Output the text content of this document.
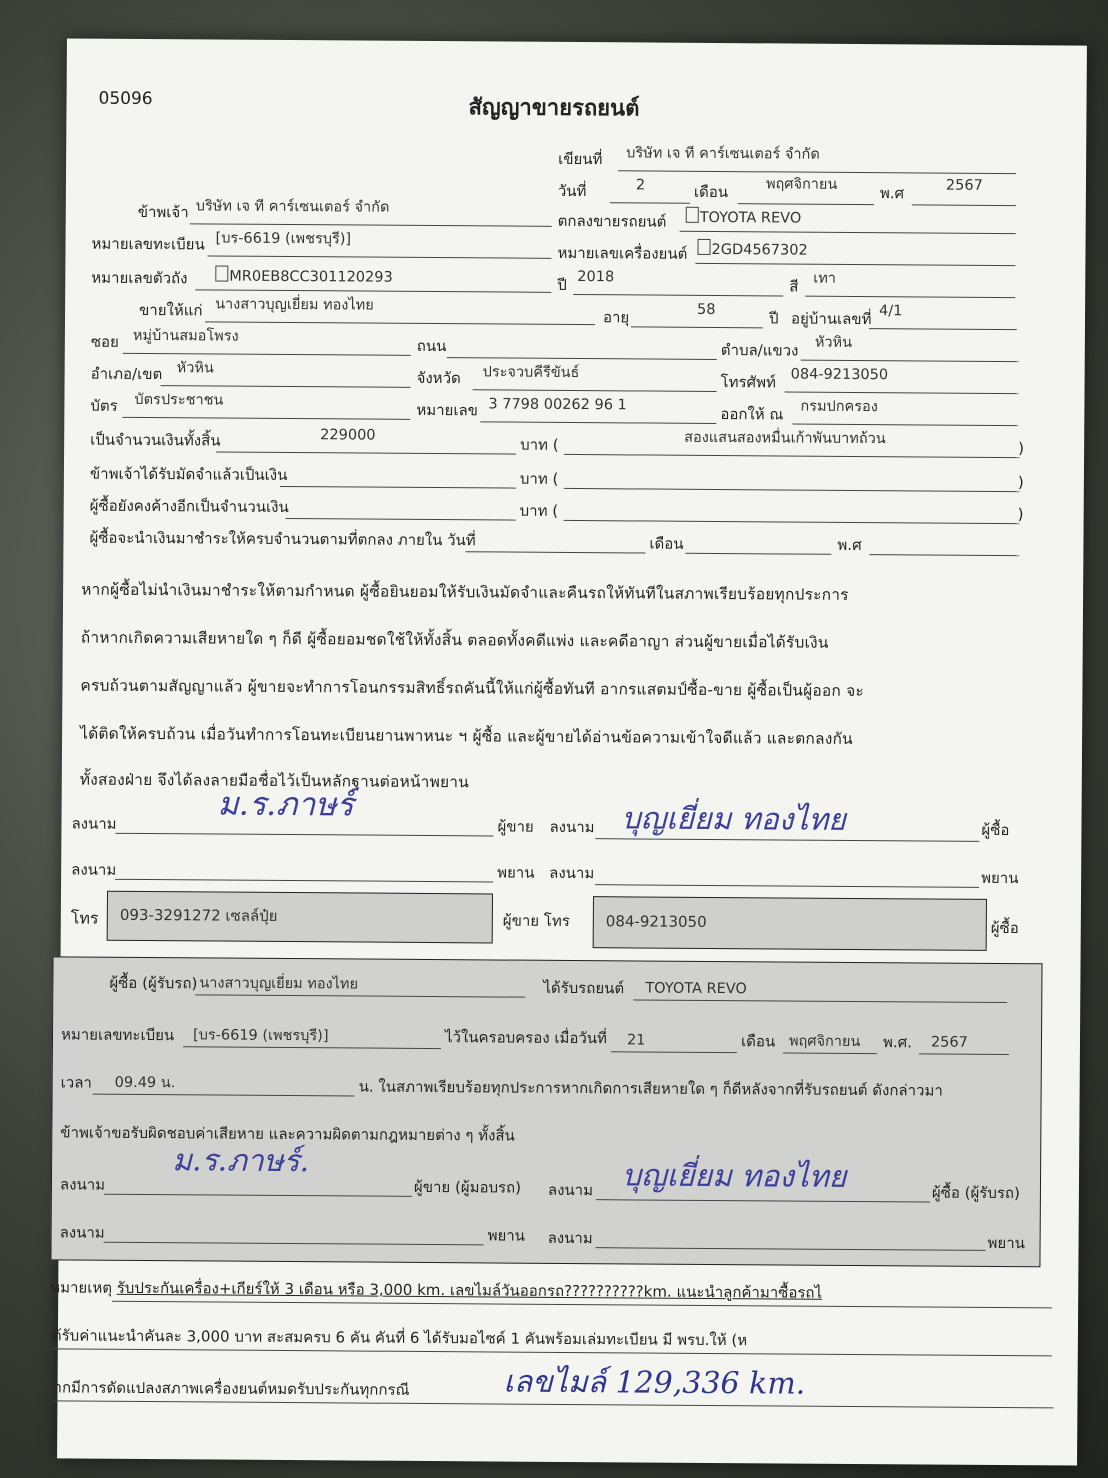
05096	สัญญาขายรถยนต์
เขียนที่ บริษัท เจ ที คาร์เซนเตอร์ จำกัด
วันที่	2	เดือน	พฤศจิกายน	พ.ศ	2567
ข้าพเจ้า บริษัท เจ ที คาร์เซนเตอร์ จำกัด
ตกลงขายรถยนต์	TOYOTA REVO
หมายเลขทะเบียน [บร-6619 (เพชรบุรี)]
หมายเลขเครื่องยนต์	2GD4567302
หมายเลขตัวถัง	MR0EB8CC301120293	ปี 2018
สี เทา
ขายให้แก่ นางสาวบุญเยี่ยม ทองไทย
อายุ	58	ปี อยู่บ้านเลขที่ 4/1
ซอย หมู่บ้านสมอโพรง
ถนน	ตำบล/แขวง หัวหิน
อำเภอ/เขต หัวหิน
จังหวัด ประจวบคีรีขันธ์
โทรศัพท์ 084-9213050
บัตร บัตรประชาชน
หมายเลข 3 7798 00262 96 1
ออกให้ ณ กรมปกครอง
เป็นจำนวนเงินทั้งสิ้น	229000
บาท (	สองแสนสองหมื่นเก้าพันบาทถ้วน
)
ข้าพเจ้าได้รับมัดจำแล้วเป็นเงิน	บาท (	)
ผู้ซื้อยังคงค้างอีกเป็นจำนวนเงิน	บาท (	)
ผู้ซื้อจะนำเงินมาชำระให้ครบจำนวนตามที่ตกลง ภายใน วันที่	เดือน	พ.ศ
หากผู้ซื้อไม่นำเงินมาชำระให้ตามกำหนด ผู้ซื้อยินยอมให้รับเงินมัดจำและคืนรถให้ทันทีในสภาพเรียบร้อยทุกประการ
ถ้าหากเกิดความเสียหายใด ๆ ก็ดี ผู้ซื้อยอมชดใช้ให้ทั้งสิ้น ตลอดทั้งคดีแพ่ง และคดีอาญา ส่วนผู้ขายเมื่อได้รับเงิน
ครบถ้วนตามสัญญาแล้ว ผู้ขายจะทำการโอนกรรมสิทธิ์รถคันนี้ให้แก่ผู้ซื้อทันที อากรแสตมป์ซื้อ-ขาย ผู้ซื้อเป็นผู้ออก จะ
ได้ติดให้ครบถ้วน เมื่อวันทำการโอนทะเบียนยานพาหนะ ฯ ผู้ซื้อ และผู้ขายได้อ่านข้อความเข้าใจดีแล้ว และตกลงกัน
ทั้งสองฝ่าย จึงได้ลงลายมือชื่อไว้เป็นหลักฐานต่อหน้าพยาน
ลงนาม
ม.ร.ภาษร์
ผู้ขาย ลงนาม บุญเยี่ยม ทองไทย	ผู้ซื้อ
ลงนาม	พยาน ลงนาม	พยาน
โทร 093-3291272 เซลล์ปุ๋ย	ผู้ขาย โทร 084-9213050	ผู้ซื้อ
ผู้ซื้อ (ผู้รับรถ) นางสาวบุญเยี่ยม ทองไทย	ได้รับรถยนต์ TOYOTA REVO
หมายเลขทะเบียน [บร-6619 (เพชรบุรี)]	ไว้ในครอบครอง เมื่อวันที่ 21	เดือน พฤศจิกายน พ.ศ. 2567
เวลา 09.49 น.	น. ในสภาพเรียบร้อยทุกประการหากเกิดการเสียหายใด ๆ ก็ดีหลังจากที่รับรถยนต์ ดังกล่าวมา
ข้าพเจ้าขอรับผิดชอบค่าเสียหาย และความผิดตามกฎหมายต่าง ๆ ทั้งสิ้น
ลงนาม
ม.ร.ภาษร์.
ผู้ขาย (ผู้มอบรถ) ลงนาม บุญเยี่ยม ทองไทย	ผู้ซื้อ (ผู้รับรถ)
ลงนาม	พยาน ลงนาม	พยาน
หมายเหตุ รับประกันเครื่อง+เกียร์ให้ 3 เดือน หรือ 3,000 km. เลขไมล์วันออกรถ??????????km. แนะนำลูกค้ามาซื้อรถไ
ด้รับค่าแนะนำคันละ 3,000 บาท สะสมครบ 6 คัน คันที่ 6 ได้รับมอไซค์ 1 คันพร้อมเล่มทะเบียน มี พรบ.ให้ (ห
ากมีการดัดแปลงสภาพเครื่องยนต์หมดรับประกันทุกกรณี	เลขไมล์ 129,336 km.
